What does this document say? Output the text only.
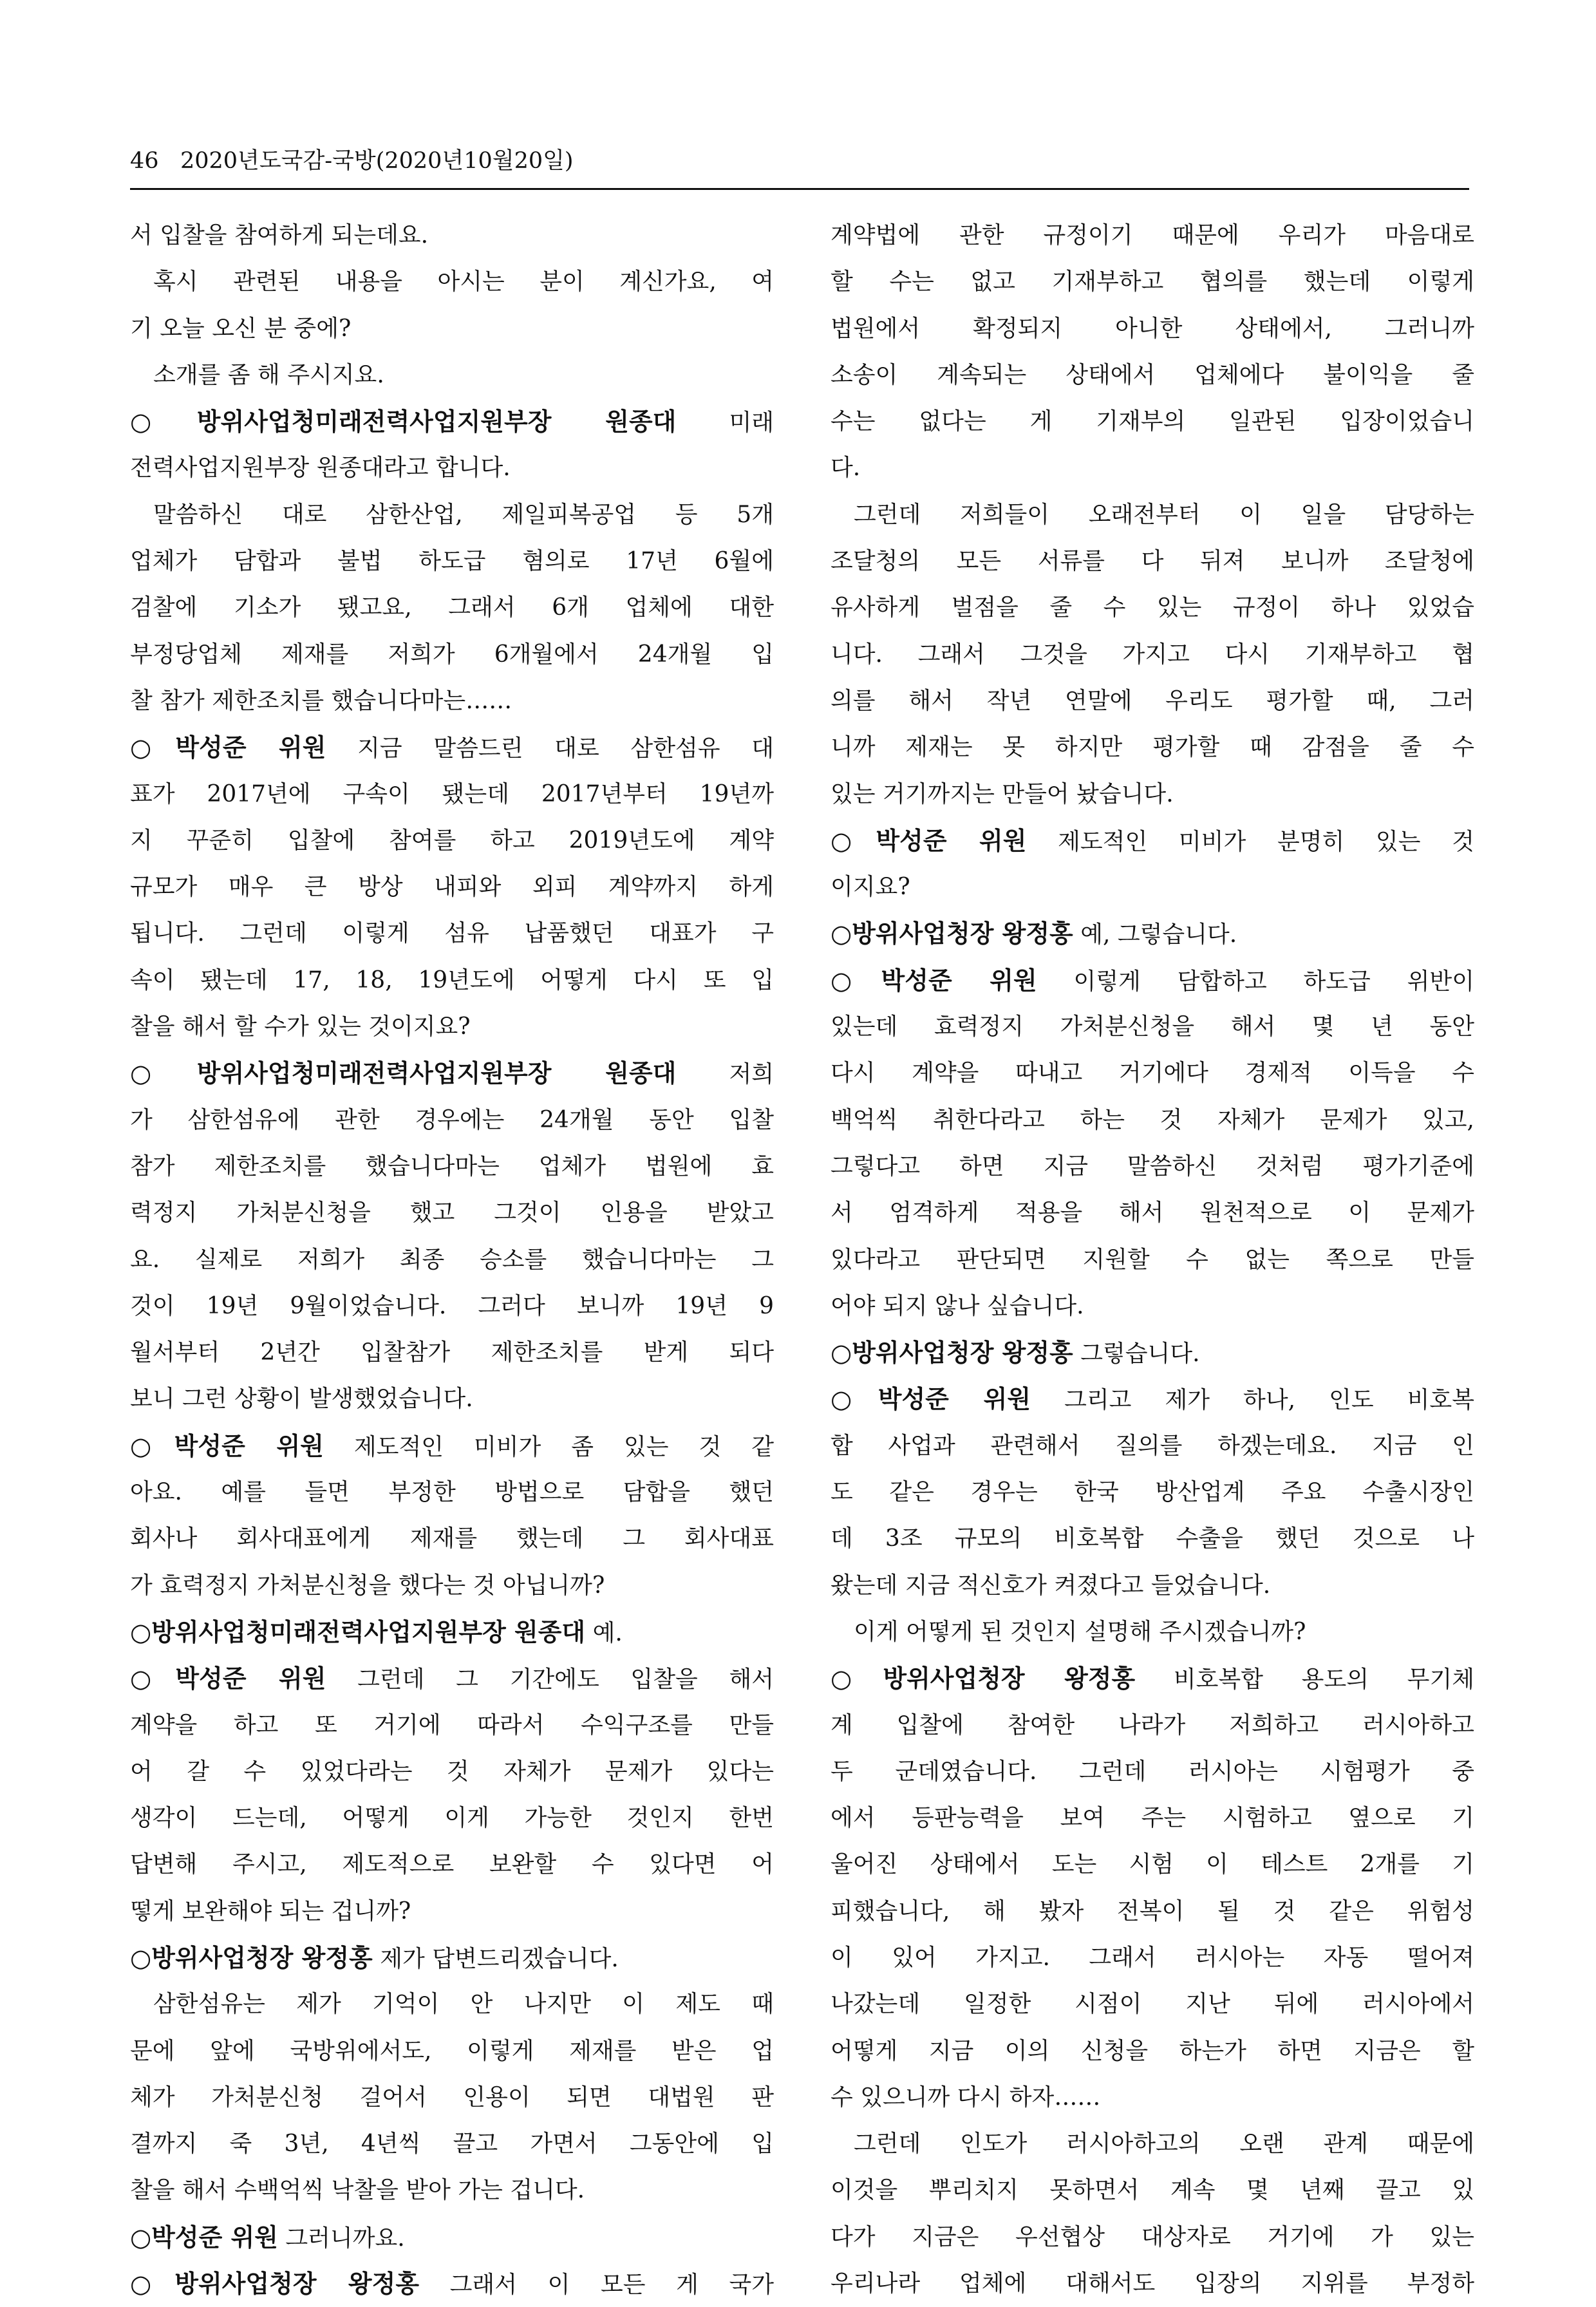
46 2020년도국감-국방(2020년10월20일)
서 입찰을 참여하게 되는데요.
혹시 관련된 내용을 아시는 분이 계신가요, 여
기 오늘 오신 분 중에?
소개를 좀 해 주시지요.
○방위사업청미래전력사업지원부장 원종대 미래
전력사업지원부장 원종대라고 합니다.
말씀하신 대로 삼한산업, 제일피복공업 등 5개
업체가 담합과 불법 하도급 혐의로 17년 6월에
검찰에 기소가 됐고요, 그래서 6개 업체에 대한
부정당업체 제재를 저희가 6개월에서 24개월 입
찰 참가 제한조치를 했습니다마는……
○박성준 위원 지금 말씀드린 대로 삼한섬유 대
표가 2017년에 구속이 됐는데 2017년부터 19년까
지 꾸준히 입찰에 참여를 하고 2019년도에 계약
규모가 매우 큰 방상 내피와 외피 계약까지 하게
됩니다. 그런데 이렇게 섬유 납품했던 대표가 구
속이 됐는데 17, 18, 19년도에 어떻게 다시 또 입
찰을 해서 할 수가 있는 것이지요?
○방위사업청미래전력사업지원부장 원종대 저희
가 삼한섬유에 관한 경우에는 24개월 동안 입찰
참가 제한조치를 했습니다마는 업체가 법원에 효
력정지 가처분신청을 했고 그것이 인용을 받았고
요. 실제로 저희가 최종 승소를 했습니다마는 그
것이 19년 9월이었습니다. 그러다 보니까 19년 9
월서부터 2년간 입찰참가 제한조치를 받게 되다
보니 그런 상황이 발생했었습니다.
○박성준 위원 제도적인 미비가 좀 있는 것 같
아요. 예를 들면 부정한 방법으로 담합을 했던
회사나 회사대표에게 제재를 했는데 그 회사대표
가 효력정지 가처분신청을 했다는 것 아닙니까?
○방위사업청미래전력사업지원부장 원종대 예.
○박성준 위원 그런데 그 기간에도 입찰을 해서
계약을 하고 또 거기에 따라서 수익구조를 만들
어 갈 수 있었다라는 것 자체가 문제가 있다는
생각이 드는데, 어떻게 이게 가능한 것인지 한번
답변해 주시고, 제도적으로 보완할 수 있다면 어
떻게 보완해야 되는 겁니까?
○방위사업청장 왕정홍 제가 답변드리겠습니다.
삼한섬유는 제가 기억이 안 나지만 이 제도 때
문에 앞에 국방위에서도, 이렇게 제재를 받은 업
체가 가처분신청 걸어서 인용이 되면 대법원 판
결까지 죽 3년, 4년씩 끌고 가면서 그동안에 입
찰을 해서 수백억씩 낙찰을 받아 가는 겁니다.
○박성준 위원 그러니까요.
○방위사업청장 왕정홍 그래서 이 모든 게 국가
계약법에 관한 규정이기 때문에 우리가 마음대로
할 수는 없고 기재부하고 협의를 했는데 이렇게
법원에서 확정되지 아니한 상태에서, 그러니까
소송이 계속되는 상태에서 업체에다 불이익을 줄
수는 없다는 게 기재부의 일관된 입장이었습니
다.
그런데 저희들이 오래전부터 이 일을 담당하는
조달청의 모든 서류를 다 뒤져 보니까 조달청에
유사하게 벌점을 줄 수 있는 규정이 하나 있었습
니다. 그래서 그것을 가지고 다시 기재부하고 협
의를 해서 작년 연말에 우리도 평가할 때, 그러
니까 제재는 못 하지만 평가할 때 감점을 줄 수
있는 거기까지는 만들어 놨습니다.
○박성준 위원 제도적인 미비가 분명히 있는 것
이지요?
○방위사업청장 왕정홍 예, 그렇습니다.
○박성준 위원 이렇게 담합하고 하도급 위반이
있는데 효력정지 가처분신청을 해서 몇 년 동안
다시 계약을 따내고 거기에다 경제적 이득을 수
백억씩 취한다라고 하는 것 자체가 문제가 있고,
그렇다고 하면 지금 말씀하신 것처럼 평가기준에
서 엄격하게 적용을 해서 원천적으로 이 문제가
있다라고 판단되면 지원할 수 없는 쪽으로 만들
어야 되지 않나 싶습니다.
○방위사업청장 왕정홍 그렇습니다.
○박성준 위원 그리고 제가 하나, 인도 비호복
합 사업과 관련해서 질의를 하겠는데요. 지금 인
도 같은 경우는 한국 방산업계 주요 수출시장인
데 3조 규모의 비호복합 수출을 했던 것으로 나
왔는데 지금 적신호가 켜졌다고 들었습니다.
이게 어떻게 된 것인지 설명해 주시겠습니까?
○방위사업청장 왕정홍 비호복합 용도의 무기체
계 입찰에 참여한 나라가 저희하고 러시아하고
두 군데였습니다. 그런데 러시아는 시험평가 중
에서 등판능력을 보여 주는 시험하고 옆으로 기
울어진 상태에서 도는 시험 이 테스트 2개를 기
피했습니다, 해 봤자 전복이 될 것 같은 위험성
이 있어 가지고. 그래서 러시아는 자동 떨어져
나갔는데 일정한 시점이 지난 뒤에 러시아에서
어떻게 지금 이의 신청을 하는가 하면 지금은 할
수 있으니까 다시 하자……
그런데 인도가 러시아하고의 오랜 관계 때문에
이것을 뿌리치지 못하면서 계속 몇 년째 끌고 있
다가 지금은 우선협상 대상자로 거기에 가 있는
우리나라 업체에 대해서도 입장의 지위를 부정하
